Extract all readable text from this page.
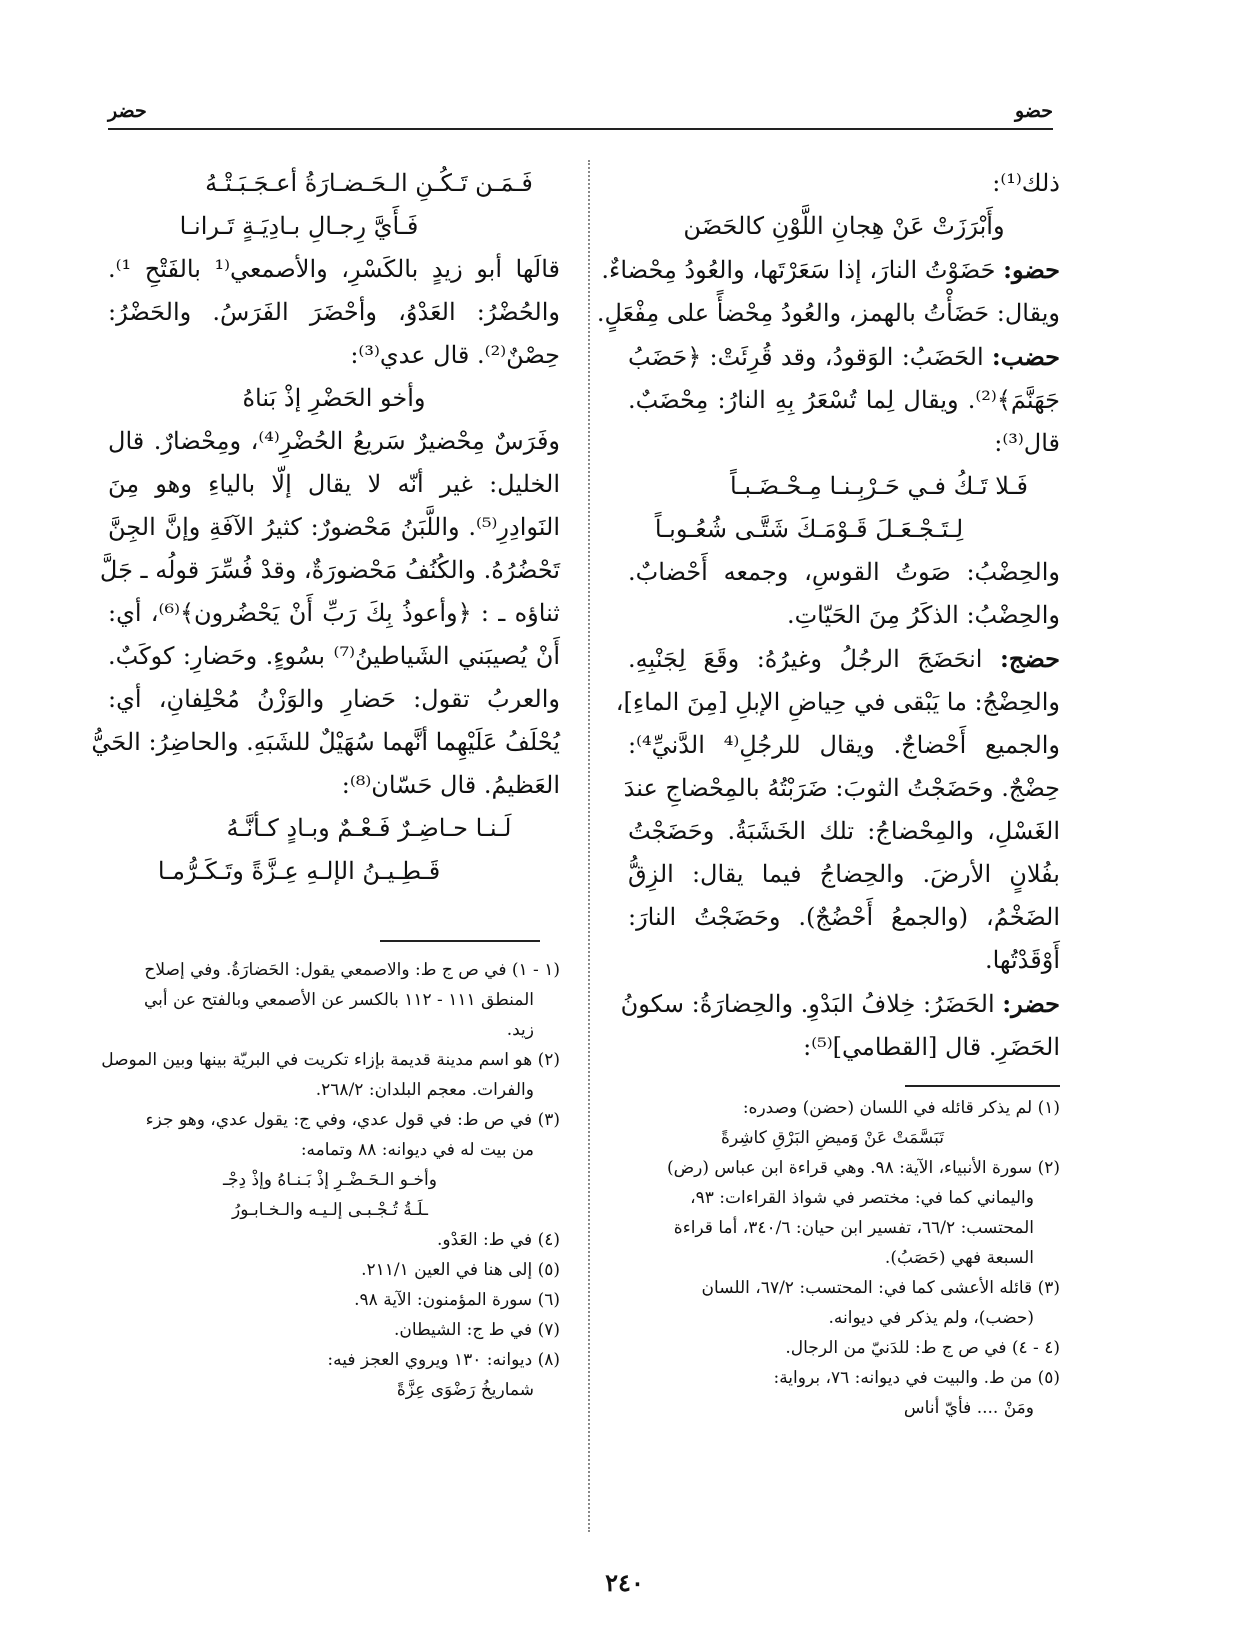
حضو
حضر

ذلك⁽¹⁾:

وأَبْرَزَتْ عَنْ هِجانِ اللَّوْنِ كالحَضَن

حضو: حَضَوْتُ النارَ، إذا سَعَرْتَها، والعُودُ مِحْضاءٌ.

ويقال: حَضَأْتُ بالهمز، والعُودُ مِحْضأً على مِفْعَلٍ.

حضب: الحَضَبُ: الوَقودُ، وقد قُرِئَتْ: ﴿حَضَبُ

جَهَنَّمَ﴾⁽²⁾. ويقال لِما تُسْعَرُ بِهِ النارُ: مِحْضَبٌ.

قال⁽³⁾:

فَـلا تَـكُ فـي حَـرْبِـنـا مِـحْـضَـبـاً

لِـتَـجْـعَـلَ قَـوْمَـكَ شَتَّـى شُعُـوبـاً

والحِضْبُ: صَوتُ القوسِ، وجمعه أَحْضابٌ.

والحِضْبُ: الذكَرُ مِنَ الحَيّاتِ.

حضج: انحَضَجَ الرجُلُ وغيرُهُ: وقَعَ لِجَنْبِهِ.

والحِضْجُ: ما يَبْقى في حِياضِ الإبلِ [مِنَ الماءِ]،

والجميع أَحْضاجٌ. ويقال للرجُلِ⁽⁴ الدَّنيِّ⁴⁾:

حِضْجٌ. وحَضَجْتُ الثوبَ: ضَرَبْتُهُ بالمِحْضاجِ عندَ

الغَسْلِ، والمِحْضاجُ: تلك الخَشَبَةُ. وحَضَجْتُ

بفُلانٍ الأرضَ. والحِضاجُ فيما يقال: الزِقُّ

الضَخْمُ، (والجمعُ أَحْضُجٌ). وحَضَجْتُ النارَ:

أَوْقَدْتُها.

حضر: الحَضَرُ: خِلافُ البَدْوِ. والحِضارَةُ: سكونُ

الحَضَرِ. قال [القطامي]⁽⁵⁾:

فَـمَـن تَـكُـنِ الـحَـضـارَةُ أعـجَـبَـتْـهُ

فَـأَيَّ رِجـالِ بـادِيَـةٍ تَـرانـا

قالَها أبو زيدٍ بالكَسْرِ، والأصمعي⁽¹ بالفَتْحِ ¹⁾.

والحُضْرُ: العَدْوُ، وأحْضَرَ الفَرَسُ. والحَضْرُ:

حِصْنٌ⁽²⁾. قال عدي⁽³⁾:

وأخو الحَضْرِ إذْ بَناهُ

وفَرَسٌ مِحْضيرٌ سَريعُ الحُضْرِ⁽⁴⁾، ومِحْضارٌ. قال

الخليل: غير أنّه لا يقال إلّا بالياءِ وهو مِنَ

النَوادِرِ⁽⁵⁾. واللَّبَنُ مَحْضورٌ: كثيرُ الآفَةِ وإنَّ الجِنَّ

تَحْضُرُهُ. والكُنُفُ مَحْضورَةٌ، وقدْ فُسِّرَ قولُه ـ جَلَّ

ثناؤه ـ : ﴿وأعوذُ بِكَ رَبِّ أَنْ يَحْضُرون﴾⁽⁶⁾، أي:

أَنْ يُصيبَني الشَياطينُ⁽⁷⁾ بسُوءٍ. وحَضارِ: كوكَبٌ.

والعربُ تقول: حَضارِ والوَزْنُ مُحْلِفانِ، أي:

يُحْلَفُ عَلَيْهِما أنَّهما سُهَيْلٌ للشَبَهِ. والحاضِرُ: الحَيُّ

العَظيمُ. قال حَسّان⁽⁸⁾:

لَـنـا حـاضِـرٌ فَـعْـمٌ وبـادٍ كـأنَّـهُ

قَـطِـيـنُ الإلـهِ عِـزَّةً وتَـكَـرُّمـا

(١) لم يذكر قائله في اللسان (حضن) وصدره:

تَبَسَّمَتْ عَنْ وَميضِ البَرْقِ كاشِرةً

(٢) سورة الأنبياء، الآية: ٩٨. وهي قراءة ابن عباس (رض)

واليماني كما في: مختصر في شواذ القراءات: ٩٣،

المحتسب: ٦٦/٢، تفسير ابن حيان: ٣٤٠/٦، أما قراءة

السبعة فهي (حَصَبُ).

(٣) قائله الأعشى كما في: المحتسب: ٦٧/٢، اللسان

(حضب)، ولم يذكر في ديوانه.

(٤ - ٤) في ص ج ط: للدَنيّ من الرجال.

(٥) من ط. والبيت في ديوانه: ٧٦، برواية:

ومَنْ .... فأيّ أناس

(١ - ١) في ص ج ط: والاصمعي يقول: الحَضارَةُ. وفي إصلاح

المنطق ١١١ - ١١٢ بالكسر عن الأصمعي وبالفتح عن أبي

زيد.

(٢) هو اسم مدينة قديمة بإزاء تكريت في البريّة بينها وبين الموصل

والفرات. معجم البلدان: ٢٦٨/٢.

(٣) في ص ط: في قول عدي، وفي ج: يقول عدي، وهو جزء

من بيت له في ديوانه: ٨٨ وتمامه:

وأخـو الـحَـضْـرِ إذْ بَـنـاهُ وإذْ دِجْـ

ـلَـةُ تُـجْـبـى إلـيـه والـخـابـورُ

(٤) في ط: العَدْو.

(٥) إلى هنا في العين ٢١١/١.

(٦) سورة المؤمنون: الآية ٩٨.

(٧) في ط ج: الشيطان.

(٨) ديوانه: ١٣٠ ويروي العجز فيه:

شماريخُ رَضْوَى عِزَّةً

٢٤٠
